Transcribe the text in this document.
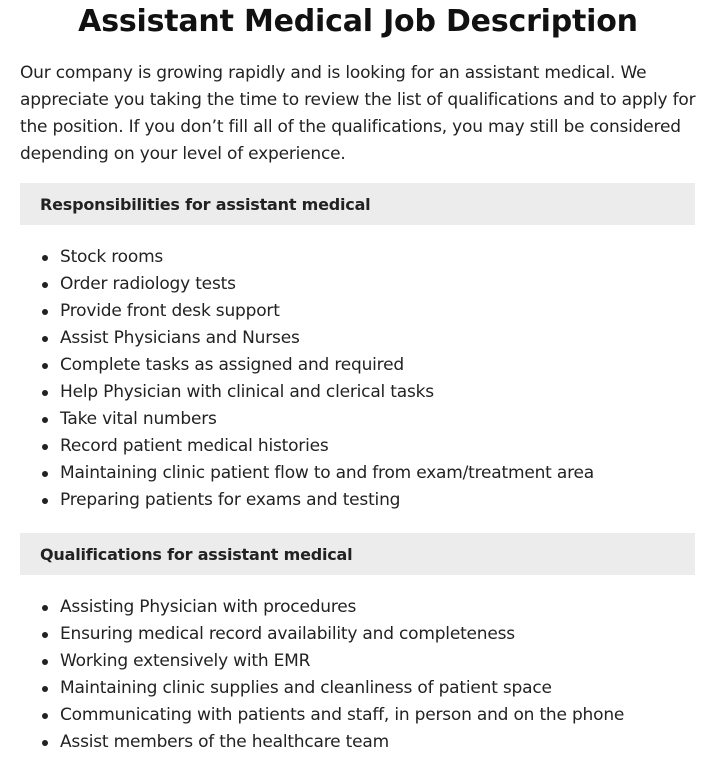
Assistant Medical Job Description

Our company is growing rapidly and is looking for an assistant medical. We appreciate you taking the time to review the list of qualifications and to apply for the position. If you don’t fill all of the qualifications, you may still be considered depending on your level of experience.

Responsibilities for assistant medical
Stock rooms
Order radiology tests
Provide front desk support
Assist Physicians and Nurses
Complete tasks as assigned and required
Help Physician with clinical and clerical tasks
Take vital numbers
Record patient medical histories
Maintaining clinic patient flow to and from exam/treatment area
Preparing patients for exams and testing
Qualifications for assistant medical
Assisting Physician with procedures
Ensuring medical record availability and completeness
Working extensively with EMR
Maintaining clinic supplies and cleanliness of patient space
Communicating with patients and staff, in person and on the phone
Assist members of the healthcare team
